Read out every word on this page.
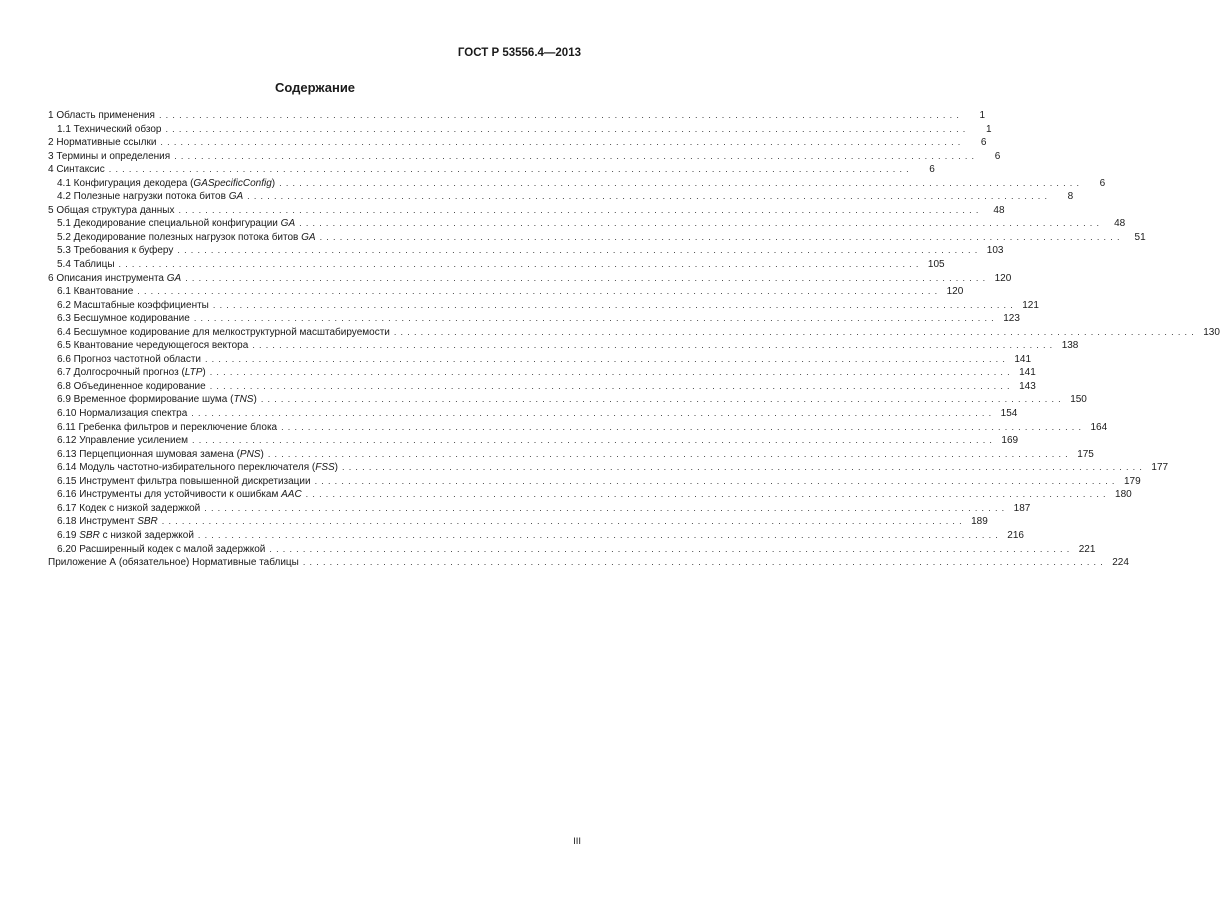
ГОСТ Р 53556.4—2013
Содержание
1 Область применения ........................................................................................................................	1
1.1 Технический обзор ........................................................................................................................	1
2 Нормативные ссылки ........................................................................................................................	6
3 Термины и определения ........................................................................................................................	6
4 Синтаксис ........................................................................................................................	6
4.1 Конфигурация декодера (GASpecificConfig) ........................................................................................................................	6
4.2 Полезные нагрузки потока битов GA ........................................................................................................................	8
5 Общая структура данных ........................................................................................................................	48
5.1 Декодирование специальной конфигурации GA ........................................................................................................................	48
5.2 Декодирование полезных нагрузок потока битов GA ........................................................................................................................	51
5.3 Требования к буферу ........................................................................................................................ 103
5.4 Таблицы ........................................................................................................................ 105
6 Описания инструмента GA ........................................................................................................................ 120
6.1 Квантование ........................................................................................................................ 120
6.2 Масштабные коэффициенты ........................................................................................................................ 121
6.3 Бесшумное кодирование ........................................................................................................................ 123
6.4 Бесшумное кодирование для мелкоструктурной масштабируемости ........................................................................................................................ 130
6.5 Квантование чередующегося вектора ........................................................................................................................ 138
6.6 Прогноз частотной области ........................................................................................................................ 141
6.7 Долгосрочный прогноз (LTP) ........................................................................................................................ 141
6.8 Объединенное кодирование ........................................................................................................................ 143
6.9 Временное формирование шума (TNS) ........................................................................................................................ 150
6.10 Нормализация спектра ........................................................................................................................ 154
6.11 Гребенка фильтров и переключение блока ........................................................................................................................ 164
6.12 Управление усилением ........................................................................................................................ 169
6.13 Перцепционная шумовая замена (PNS) ........................................................................................................................ 175
6.14 Модуль частотно-избирательного переключателя (FSS) ........................................................................................................................ 177
6.15 Инструмент фильтра повышенной дискретизации ........................................................................................................................ 179
6.16 Инструменты для устойчивости к ошибкам AAC ........................................................................................................................ 180
6.17 Кодек с низкой задержкой ........................................................................................................................ 187
6.18 Инструмент SBR ........................................................................................................................ 189
6.19 SBR с низкой задержкой ........................................................................................................................ 216
6.20 Расширенный кодек с малой задержкой ........................................................................................................................ 221
Приложение А (обязательное) Нормативные таблицы ........................................................................................................................ 224
III
